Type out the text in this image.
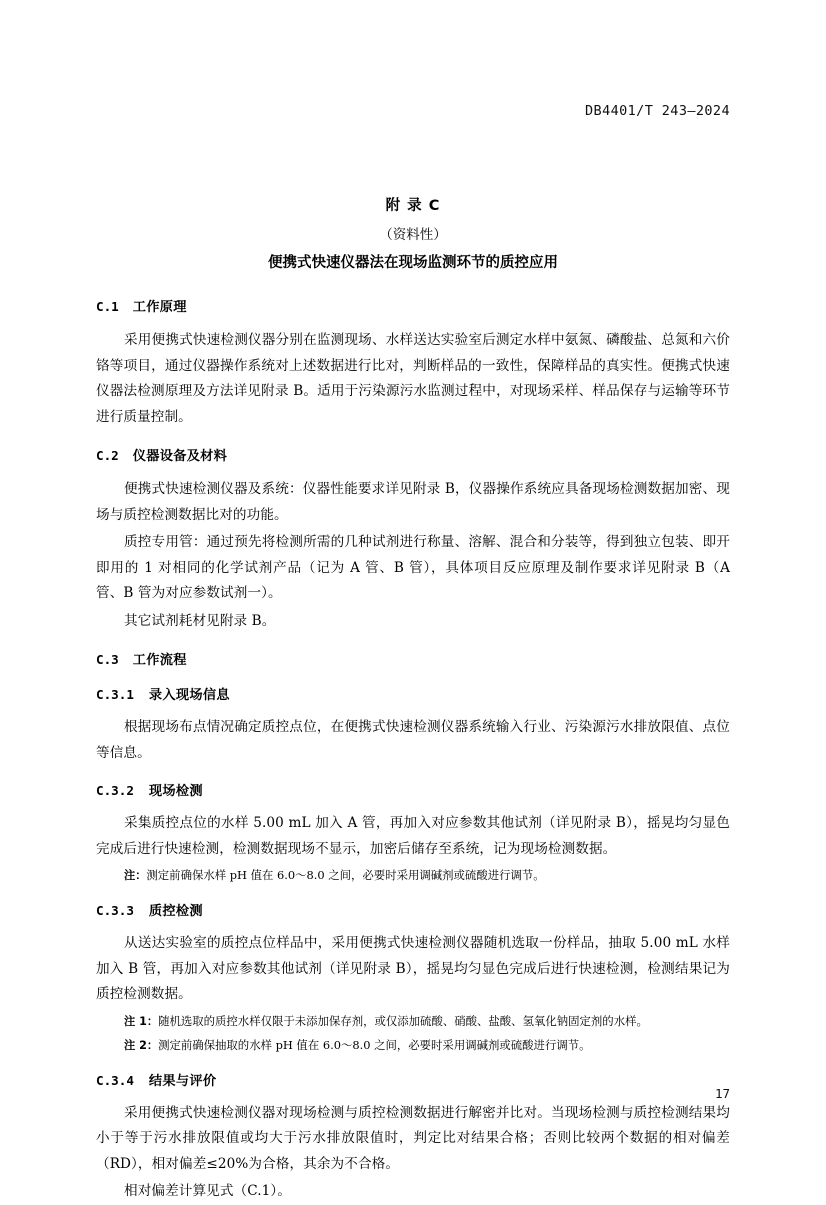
DB4401/T 243—2024
附 录 C
（资料性）
便携式快速仪器法在现场监测环节的质控应用
C.1 工作原理

采用便携式快速检测仪器分别在监测现场、水样送达实验室后测定水样中氨氮、磷酸盐、总氮和六价铬等项目，通过仪器操作系统对上述数据进行比对，判断样品的一致性，保障样品的真实性。便携式快速仪器法检测原理及方法详见附录 B。适用于污染源污水监测过程中，对现场采样、样品保存与运输等环节进行质量控制。

C.2 仪器设备及材料

便携式快速检测仪器及系统：仪器性能要求详见附录 B，仪器操作系统应具备现场检测数据加密、现场与质控检测数据比对的功能。

质控专用管：通过预先将检测所需的几种试剂进行称量、溶解、混合和分装等，得到独立包装、即开即用的 1 对相同的化学试剂产品（记为 A 管、B 管），具体项目反应原理及制作要求详见附录 B（A 管、B 管为对应参数试剂一）。

其它试剂耗材见附录 B。

C.3 工作流程
C.3.1 录入现场信息

根据现场布点情况确定质控点位，在便携式快速检测仪器系统输入行业、污染源污水排放限值、点位等信息。

C.3.2 现场检测

采集质控点位的水样 5.00 mL 加入 A 管，再加入对应参数其他试剂（详见附录 B），摇晃均匀显色完成后进行快速检测，检测数据现场不显示，加密后储存至系统，记为现场检测数据。

注：测定前确保水样 pH 值在 6.0～8.0 之间，必要时采用调碱剂或硫酸进行调节。

C.3.3 质控检测

从送达实验室的质控点位样品中，采用便携式快速检测仪器随机选取一份样品，抽取 5.00 mL 水样加入 B 管，再加入对应参数其他试剂（详见附录 B），摇晃均匀显色完成后进行快速检测，检测结果记为质控检测数据。

注 1：随机选取的质控水样仅限于未添加保存剂，或仅添加硫酸、硝酸、盐酸、氢氧化钠固定剂的水样。

注 2：测定前确保抽取的水样 pH 值在 6.0～8.0 之间，必要时采用调碱剂或硫酸进行调节。

C.3.4 结果与评价

采用便携式快速检测仪器对现场检测与质控检测数据进行解密并比对。当现场检测与质控检测结果均小于等于污水排放限值或均大于污水排放限值时，判定比对结果合格；否则比较两个数据的相对偏差（RD），相对偏差≤20%为合格，其余为不合格。

相对偏差计算见式（C.1）。

17
